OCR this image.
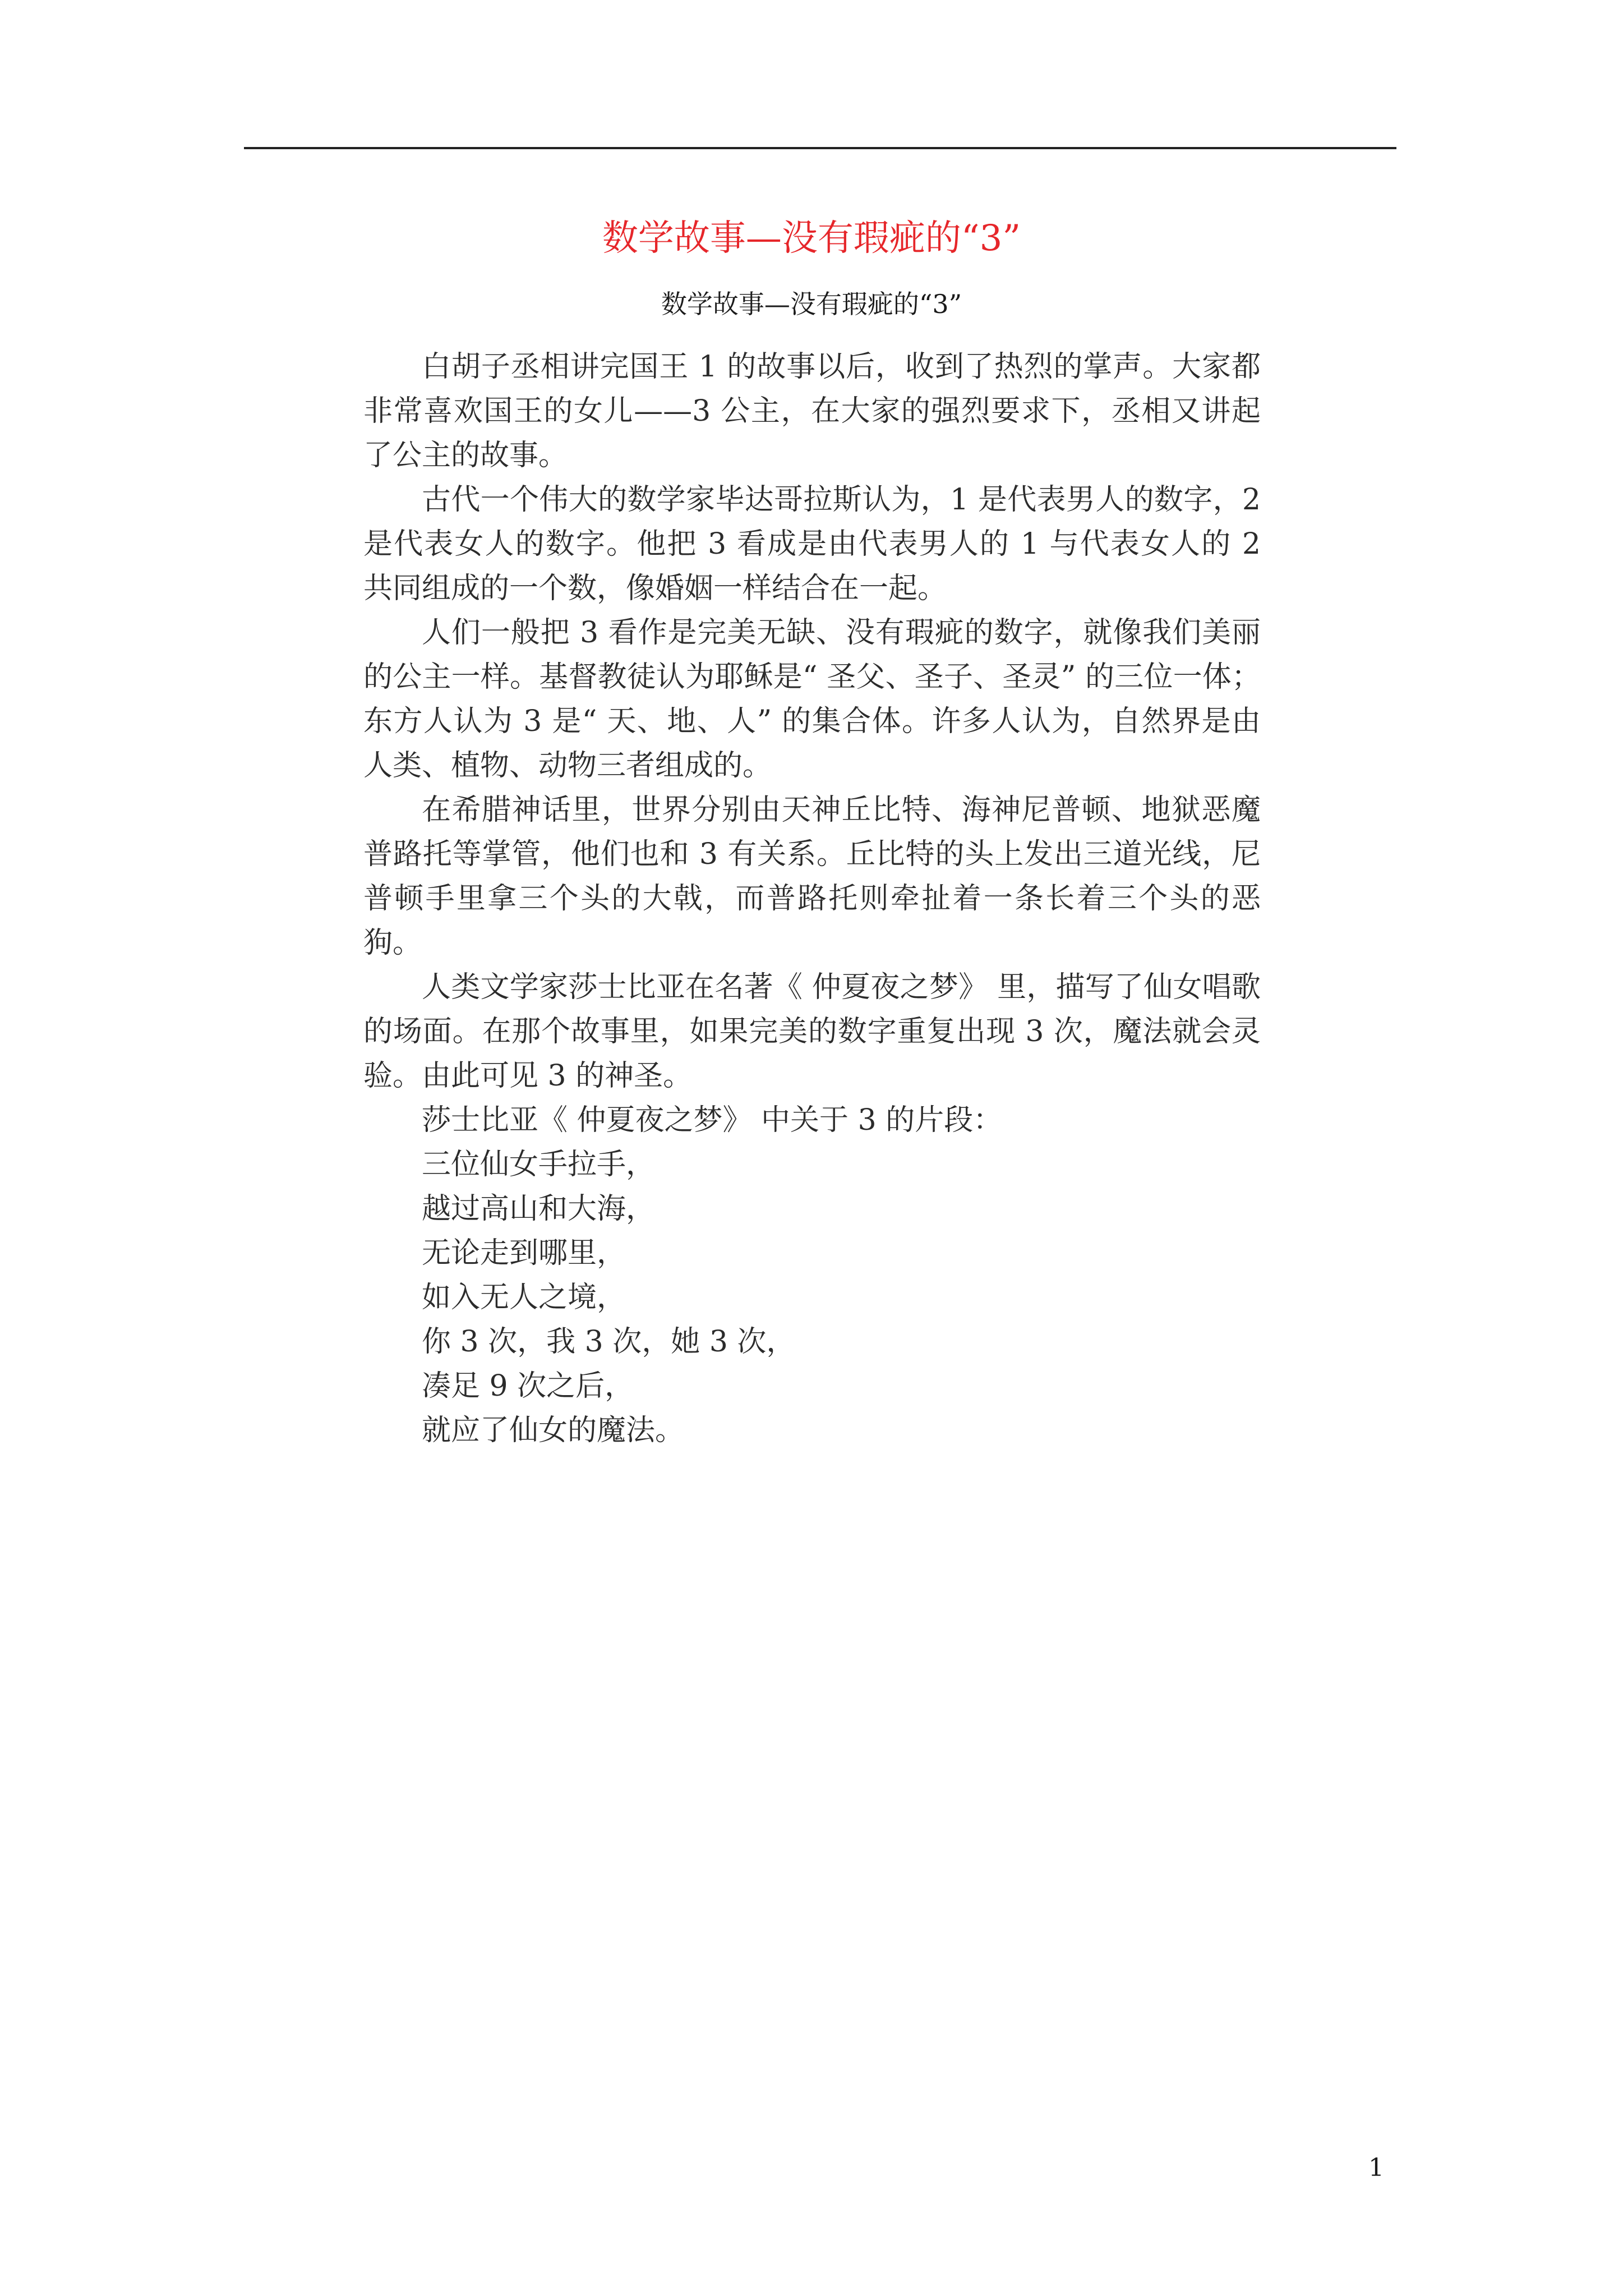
数学故事—没有瑕疵的“3”
数学故事—没有瑕疵的“3”

白胡子丞相讲完国王 1 的故事以后，收到了热烈的掌声。大家都非常喜欢国王的女儿——3 公主，在大家的强烈要求下，丞相又讲起了公主的故事。

古代一个伟大的数学家毕达哥拉斯认为，1 是代表男人的数字，2 是代表女人的数字。他把 3 看成是由代表男人的 1 与代表女人的 2 共同组成的一个数，像婚姻一样结合在一起。

人们一般把 3 看作是完美无缺、没有瑕疵的数字，就像我们美丽的公主一样。基督教徒认为耶稣是“ 圣父、圣子、圣灵” 的三位一体；东方人认为 3 是“ 天、地、人” 的集合体。许多人认为，自然界是由人类、植物、动物三者组成的。

在希腊神话里，世界分别由天神丘比特、海神尼普顿、地狱恶魔普路托等掌管，他们也和 3 有关系。丘比特的头上发出三道光线，尼普顿手里拿三个头的大戟，而普路托则牵扯着一条长着三个头的恶狗。

人类文学家莎士比亚在名著《 仲夏夜之梦》 里，描写了仙女唱歌的场面。在那个故事里，如果完美的数字重复出现 3 次，魔法就会灵验。由此可见 3 的神圣。

莎士比亚《 仲夏夜之梦》 中关于 3 的片段：

三位仙女手拉手，
越过高山和大海，
无论走到哪里，
如入无人之境，
你 3 次，我 3 次，她 3 次，
凑足 9 次之后，
就应了仙女的魔法。
1
